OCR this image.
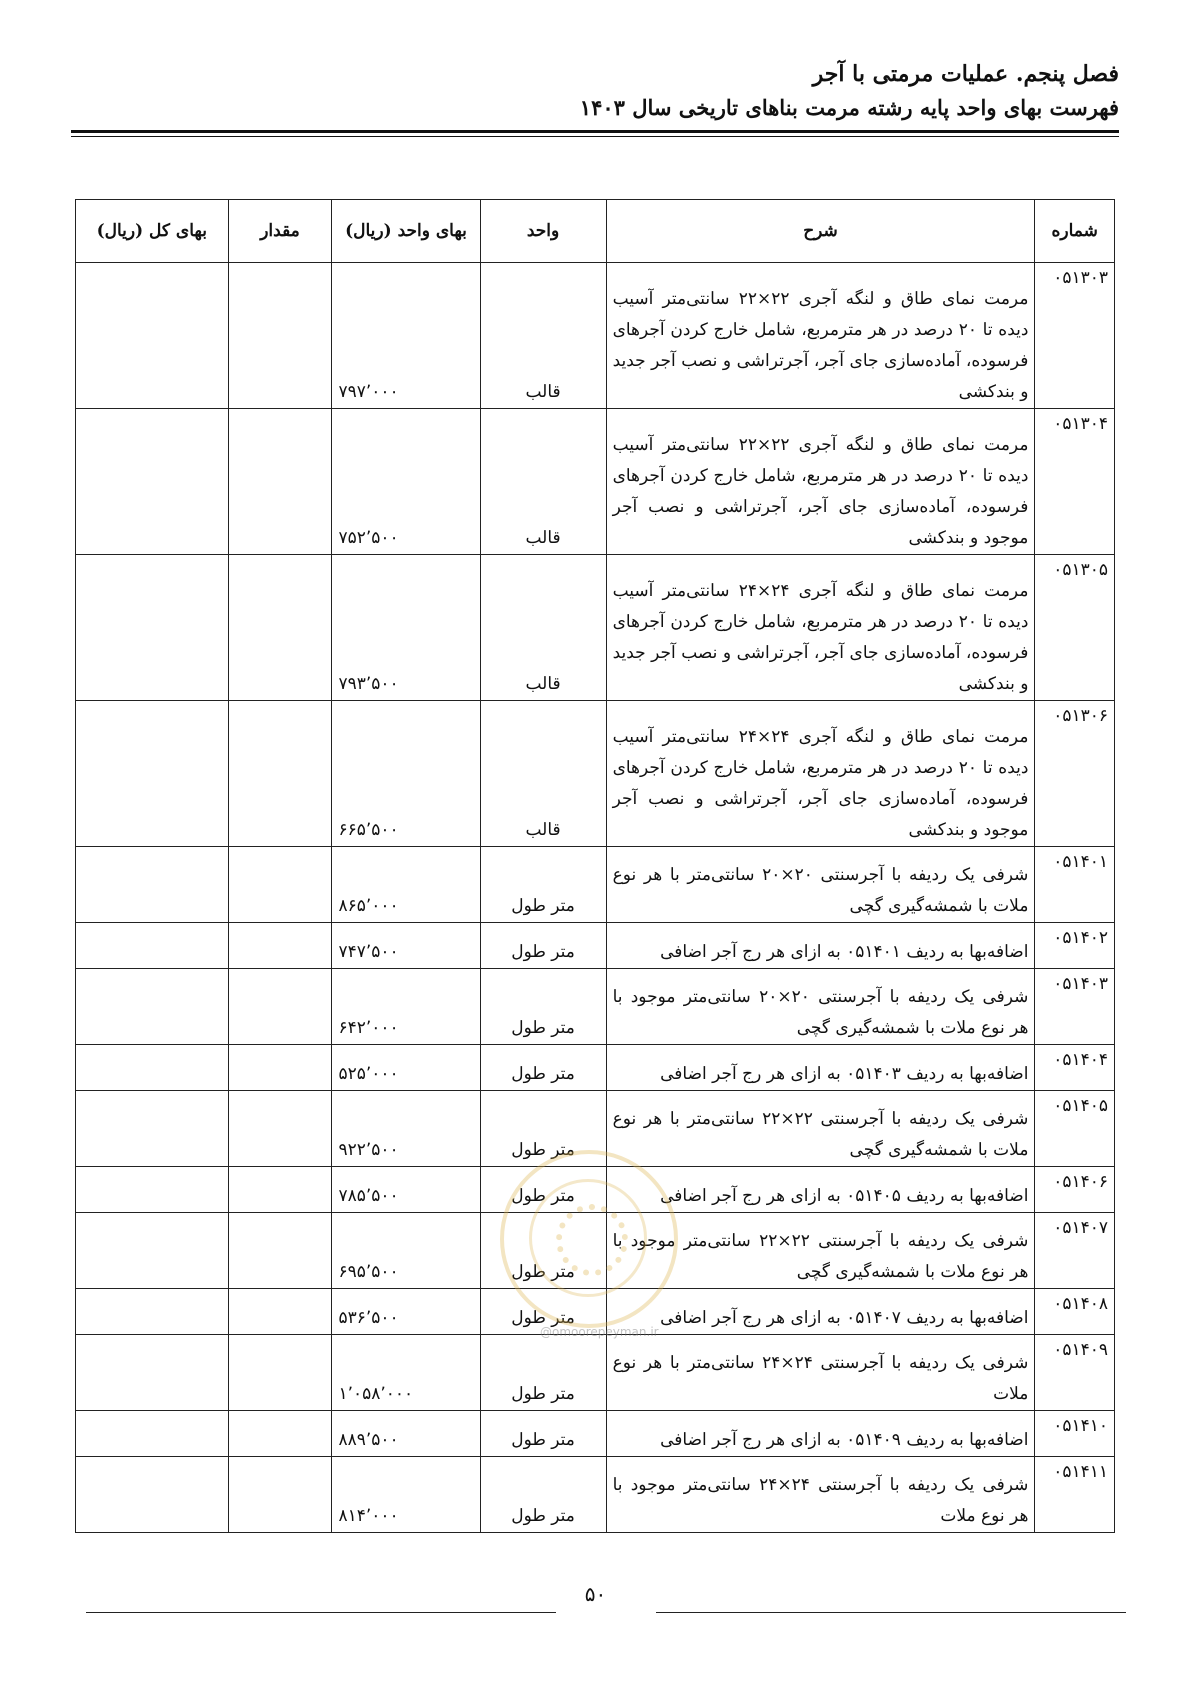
فصل پنجم. عملیات مرمتی با آجر
فهرست بهای واحد پایه رشته مرمت بناهای تاریخی سال ۱۴۰۳
شماره	شرح	واحد	بهای واحد (ریال)	مقدار	بهای کل (ریال)
۰۵۱۳۰۳	مرمت نمای طاق و لنگه آجری ۲۲×۲۲ سانتی‌متر آسیب دیده تا ۲۰ درصد در هر مترمربع، شامل خارج کردن آجرهای فرسوده، آماده‌سازی جای آجر، آجرتراشی و نصب آجر جدید و بندکشی	قالب	۷۹۷٬۰۰۰		
۰۵۱۳۰۴	مرمت نمای طاق و لنگه آجری ۲۲×۲۲ سانتی‌متر آسیب دیده تا ۲۰ درصد در هر مترمربع، شامل خارج کردن آجرهای فرسوده، آماده‌سازی جای آجر، آجرتراشی و نصب آجر موجود و بندکشی	قالب	۷۵۲٬۵۰۰		
۰۵۱۳۰۵	مرمت نمای طاق و لنگه آجری ۲۴×۲۴ سانتی‌متر آسیب دیده تا ۲۰ درصد در هر مترمربع، شامل خارج کردن آجرهای فرسوده، آماده‌سازی جای آجر، آجرتراشی و نصب آجر جدید و بندکشی	قالب	۷۹۳٬۵۰۰		
۰۵۱۳۰۶	مرمت نمای طاق و لنگه آجری ۲۴×۲۴ سانتی‌متر آسیب دیده تا ۲۰ درصد در هر مترمربع، شامل خارج کردن آجرهای فرسوده، آماده‌سازی جای آجر، آجرتراشی و نصب آجر موجود و بندکشی	قالب	۶۶۵٬۵۰۰		
۰۵۱۴۰۱	شرفی یک ردیفه با آجرسنتی ۲۰×۲۰ سانتی‌متر با هر نوع ملات با شمشه‌گیری گچی	متر طول	۸۶۵٬۰۰۰		
۰۵۱۴۰۲	اضافه‌بها به ردیف ۰۵۱۴۰۱ به ازای هر رج آجر اضافی	متر طول	۷۴۷٬۵۰۰		
۰۵۱۴۰۳	شرفی یک ردیفه با آجرسنتی ۲۰×۲۰ سانتی‌متر موجود با هر نوع ملات با شمشه‌گیری گچی	متر طول	۶۴۲٬۰۰۰		
۰۵۱۴۰۴	اضافه‌بها به ردیف ۰۵۱۴۰۳ به ازای هر رج آجر اضافی	متر طول	۵۲۵٬۰۰۰		
۰۵۱۴۰۵	شرفی یک ردیفه با آجرسنتی ۲۲×۲۲ سانتی‌متر با هر نوع ملات با شمشه‌گیری گچی	متر طول	۹۲۲٬۵۰۰		
۰۵۱۴۰۶	اضافه‌بها به ردیف ۰۵۱۴۰۵ به ازای هر رج آجر اضافی	متر طول	۷۸۵٬۵۰۰		
۰۵۱۴۰۷	شرفی یک ردیفه با آجرسنتی ۲۲×۲۲ سانتی‌متر موجود با هر نوع ملات با شمشه‌گیری گچی	متر طول	۶۹۵٬۵۰۰		
۰۵۱۴۰۸	اضافه‌بها به ردیف ۰۵۱۴۰۷ به ازای هر رج آجر اضافی	متر طول	۵۳۶٬۵۰۰		
۰۵۱۴۰۹	شرفی یک ردیفه با آجرسنتی ۲۴×۲۴ سانتی‌متر با هر نوع ملات	متر طول	۱٬۰۵۸٬۰۰۰		
۰۵۱۴۱۰	اضافه‌بها به ردیف ۰۵۱۴۰۹ به ازای هر رج آجر اضافی	متر طول	۸۸۹٬۵۰۰		
۰۵۱۴۱۱	شرفی یک ردیفه با آجرسنتی ۲۴×۲۴ سانتی‌متر موجود با هر نوع ملات	متر طول	۸۱۴٬۰۰۰		
@omoorepeyman.ir
۵۰
